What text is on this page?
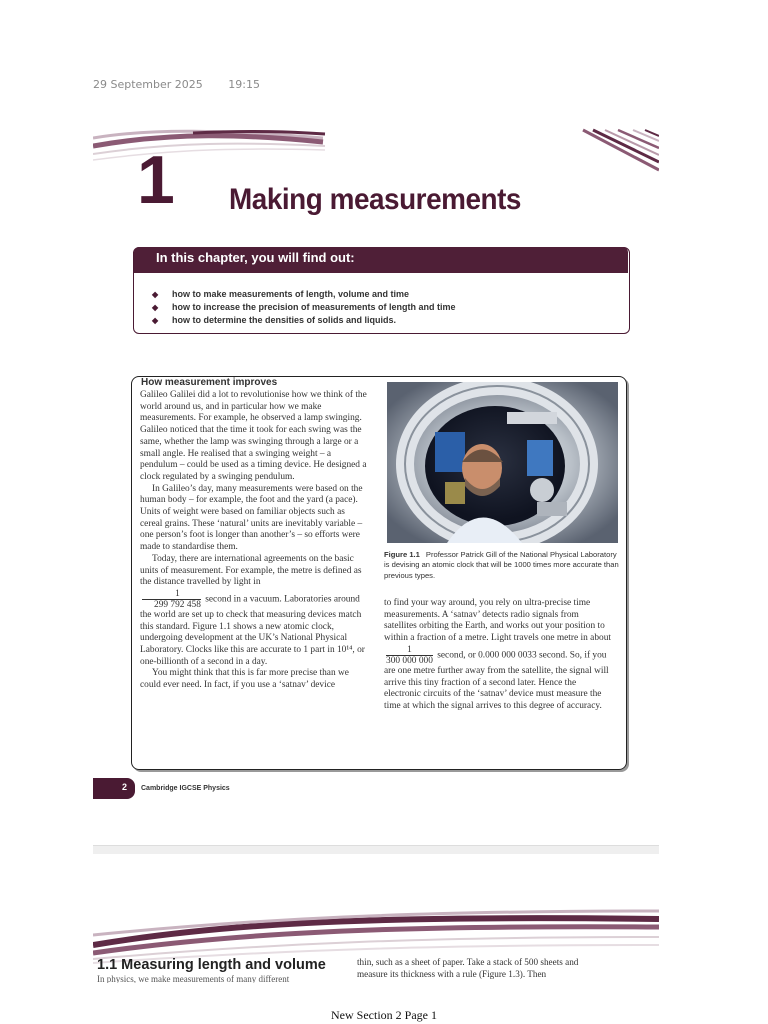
29 September 2025 19:15
1 Making measurements
In this chapter, you will find out:
◆ how to make measurements of length, volume and time
◆ how to increase the precision of measurements of length and time
◆ how to determine the densities of solids and liquids.
How measurement improves

Galileo Galilei did a lot to revolutionise how we think of the world around us, and in particular how we make measurements. For example, he observed a lamp swinging. Galileo noticed that the time it took for each swing was the same, whether the lamp was swinging through a large or a small angle. He realised that a swinging weight – a pendulum – could be used as a timing device. He designed a clock regulated by a swinging pendulum.

In Galileo’s day, many measurements were based on the human body – for example, the foot and the yard (a pace). Units of weight were based on familiar objects such as cereal grains. These ‘natural’ units are inevitably variable – one person’s foot is longer than another’s – so efforts were made to standardise them.

Today, there are international agreements on the basic units of measurement. For example, the metre is defined as the distance travelled by light in

$\frac{1}{299 792 458}$ second in a vacuum. Laboratories around the world are set up to check that measuring devices match this standard. Figure 1.1 shows a new atomic clock, undergoing development at the UK’s National Physical Laboratory. Clocks like this are accurate to 1 part in 10¹⁴, or one-billionth of a second in a day.

You might think that this is far more precise than we could ever need. In fact, if you use a ‘satnav’ device

Figure 1.1 Professor Patrick Gill of the National Physical Laboratory is devising an atomic clock that will be 1000 times more accurate than previous types.

to find your way around, you rely on ultra-precise time measurements. A ‘satnav’ detects radio signals from satellites orbiting the Earth, and works out your position to within a fraction of a metre. Light travels one metre in about
$\frac{1}{300 000 000}$ second, or 0.000 000 0033 second. So, if you are one metre further away from the satellite, the signal will arrive this tiny fraction of a second later. Hence the electronic circuits of the ‘satnav’ device must measure the time at which the signal arrives to this degree of accuracy.

2 Cambridge IGCSE Physics
1.1 Measuring length and volume
In physics, we make measurements of many different
thin, such as a sheet of paper. Take a stack of 500 sheets and measure its thickness with a rule (Figure 1.3). Then
New Section 2 Page 1
